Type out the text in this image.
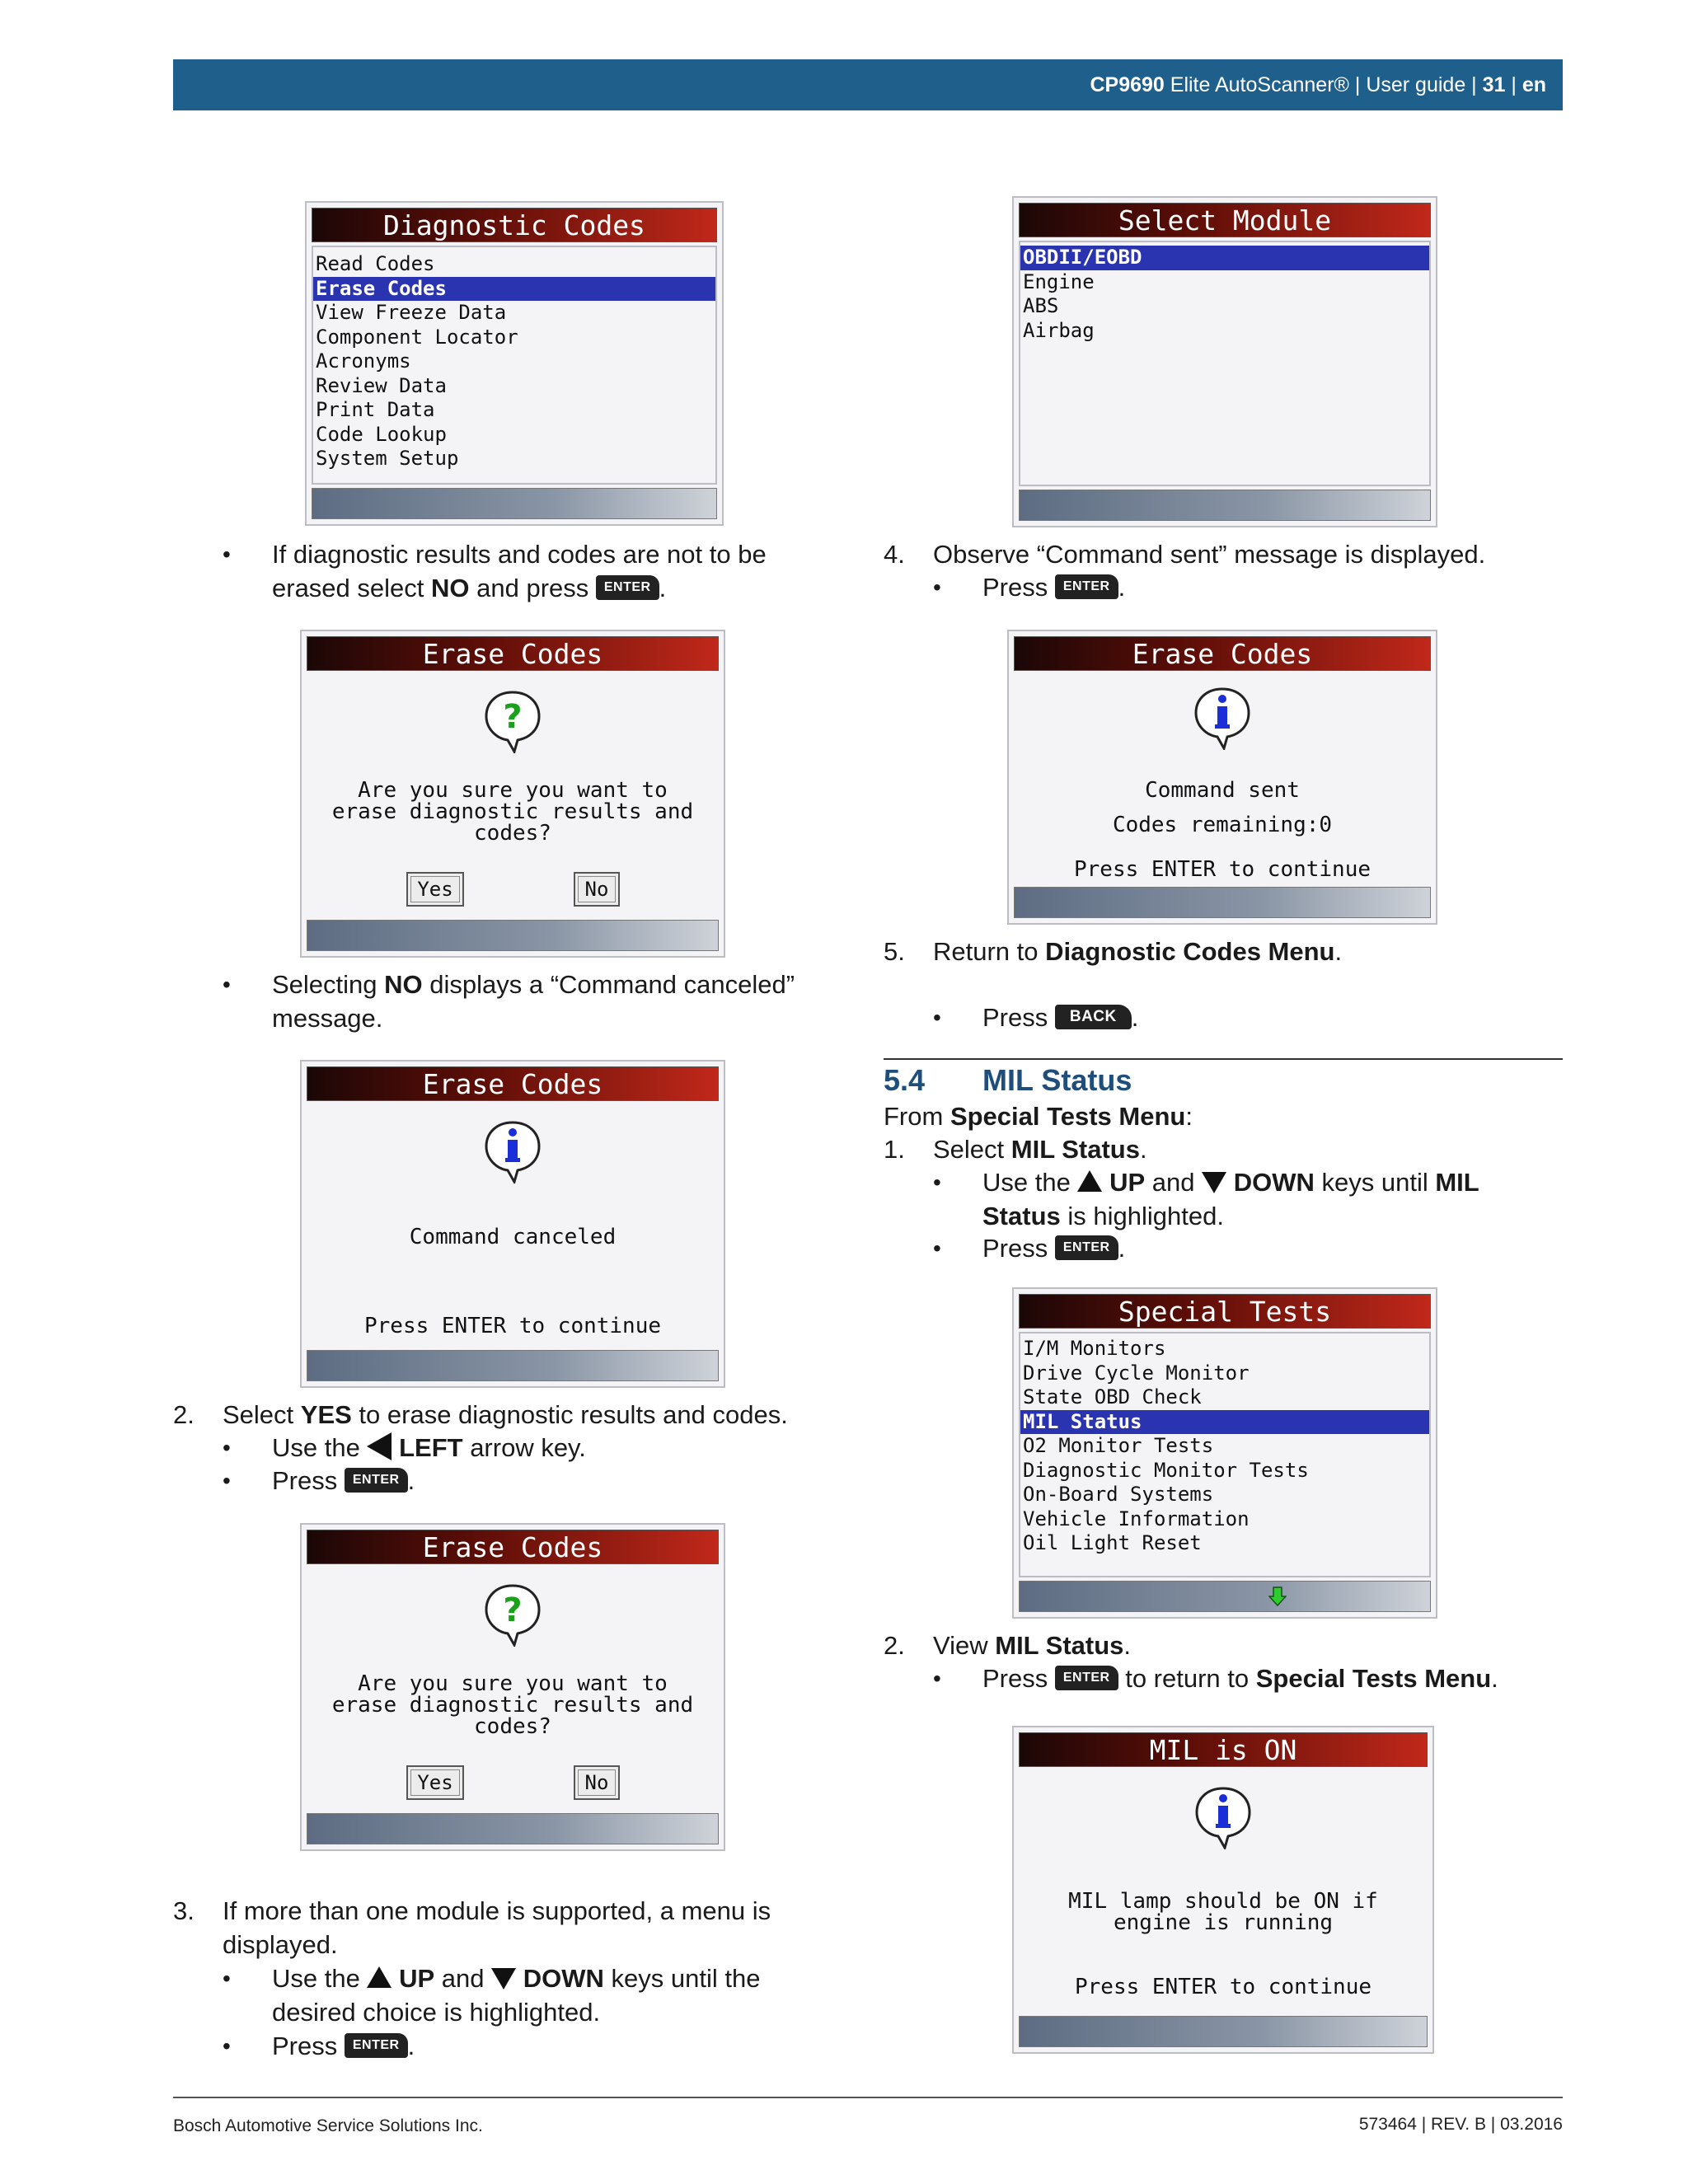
CP9690 Elite AutoScanner® | User guide | 31 | en
Diagnostic Codes
Read Codes
Erase Codes
View Freeze Data
Component Locator
Acronyms
Review Data
Print Data
Code Lookup
System Setup
• If diagnostic results and codes are not to be
erased select NO and press ENTER .
Erase Codes
?
Are you sure you want to
erase diagnostic results and
codes?
Yes	No
• Selecting NO displays a “Command canceled”
message.
Erase Codes
Command canceled
Press ENTER to continue
2. Select YES to erase diagnostic results and codes.
• Use the  LEFT arrow key.
• Press ENTER .
Erase Codes
?
Are you sure you want to
erase diagnostic results and
codes?
Yes	No
3. If more than one module is supported, a menu is
displayed.
• Use the  UP and  DOWN keys until the
desired choice is highlighted.
• Press ENTER .
Select Module
OBDII/EOBD
Engine
ABS
Airbag
4. Observe “Command sent” message is displayed.
• Press ENTER .
Erase Codes
Command sent
Codes remaining:0
Press ENTER to continue
5. Return to Diagnostic Codes Menu.
• Press BACK .
5.4 MIL Status
From Special Tests Menu:
1. Select MIL Status.
• Use the  UP and  DOWN keys until MIL
Status is highlighted.
• Press ENTER .
Special Tests
I/M Monitors
Drive Cycle Monitor
State OBD Check
MIL Status
O2 Monitor Tests
Diagnostic Monitor Tests
On-Board Systems
Vehicle Information
Oil Light Reset
2. View MIL Status.
• Press ENTER to return to Special Tests Menu.
MIL is ON
MIL lamp should be ON if
engine is running
Press ENTER to continue
Bosch Automotive Service Solutions Inc.	573464 | REV. B | 03.2016
